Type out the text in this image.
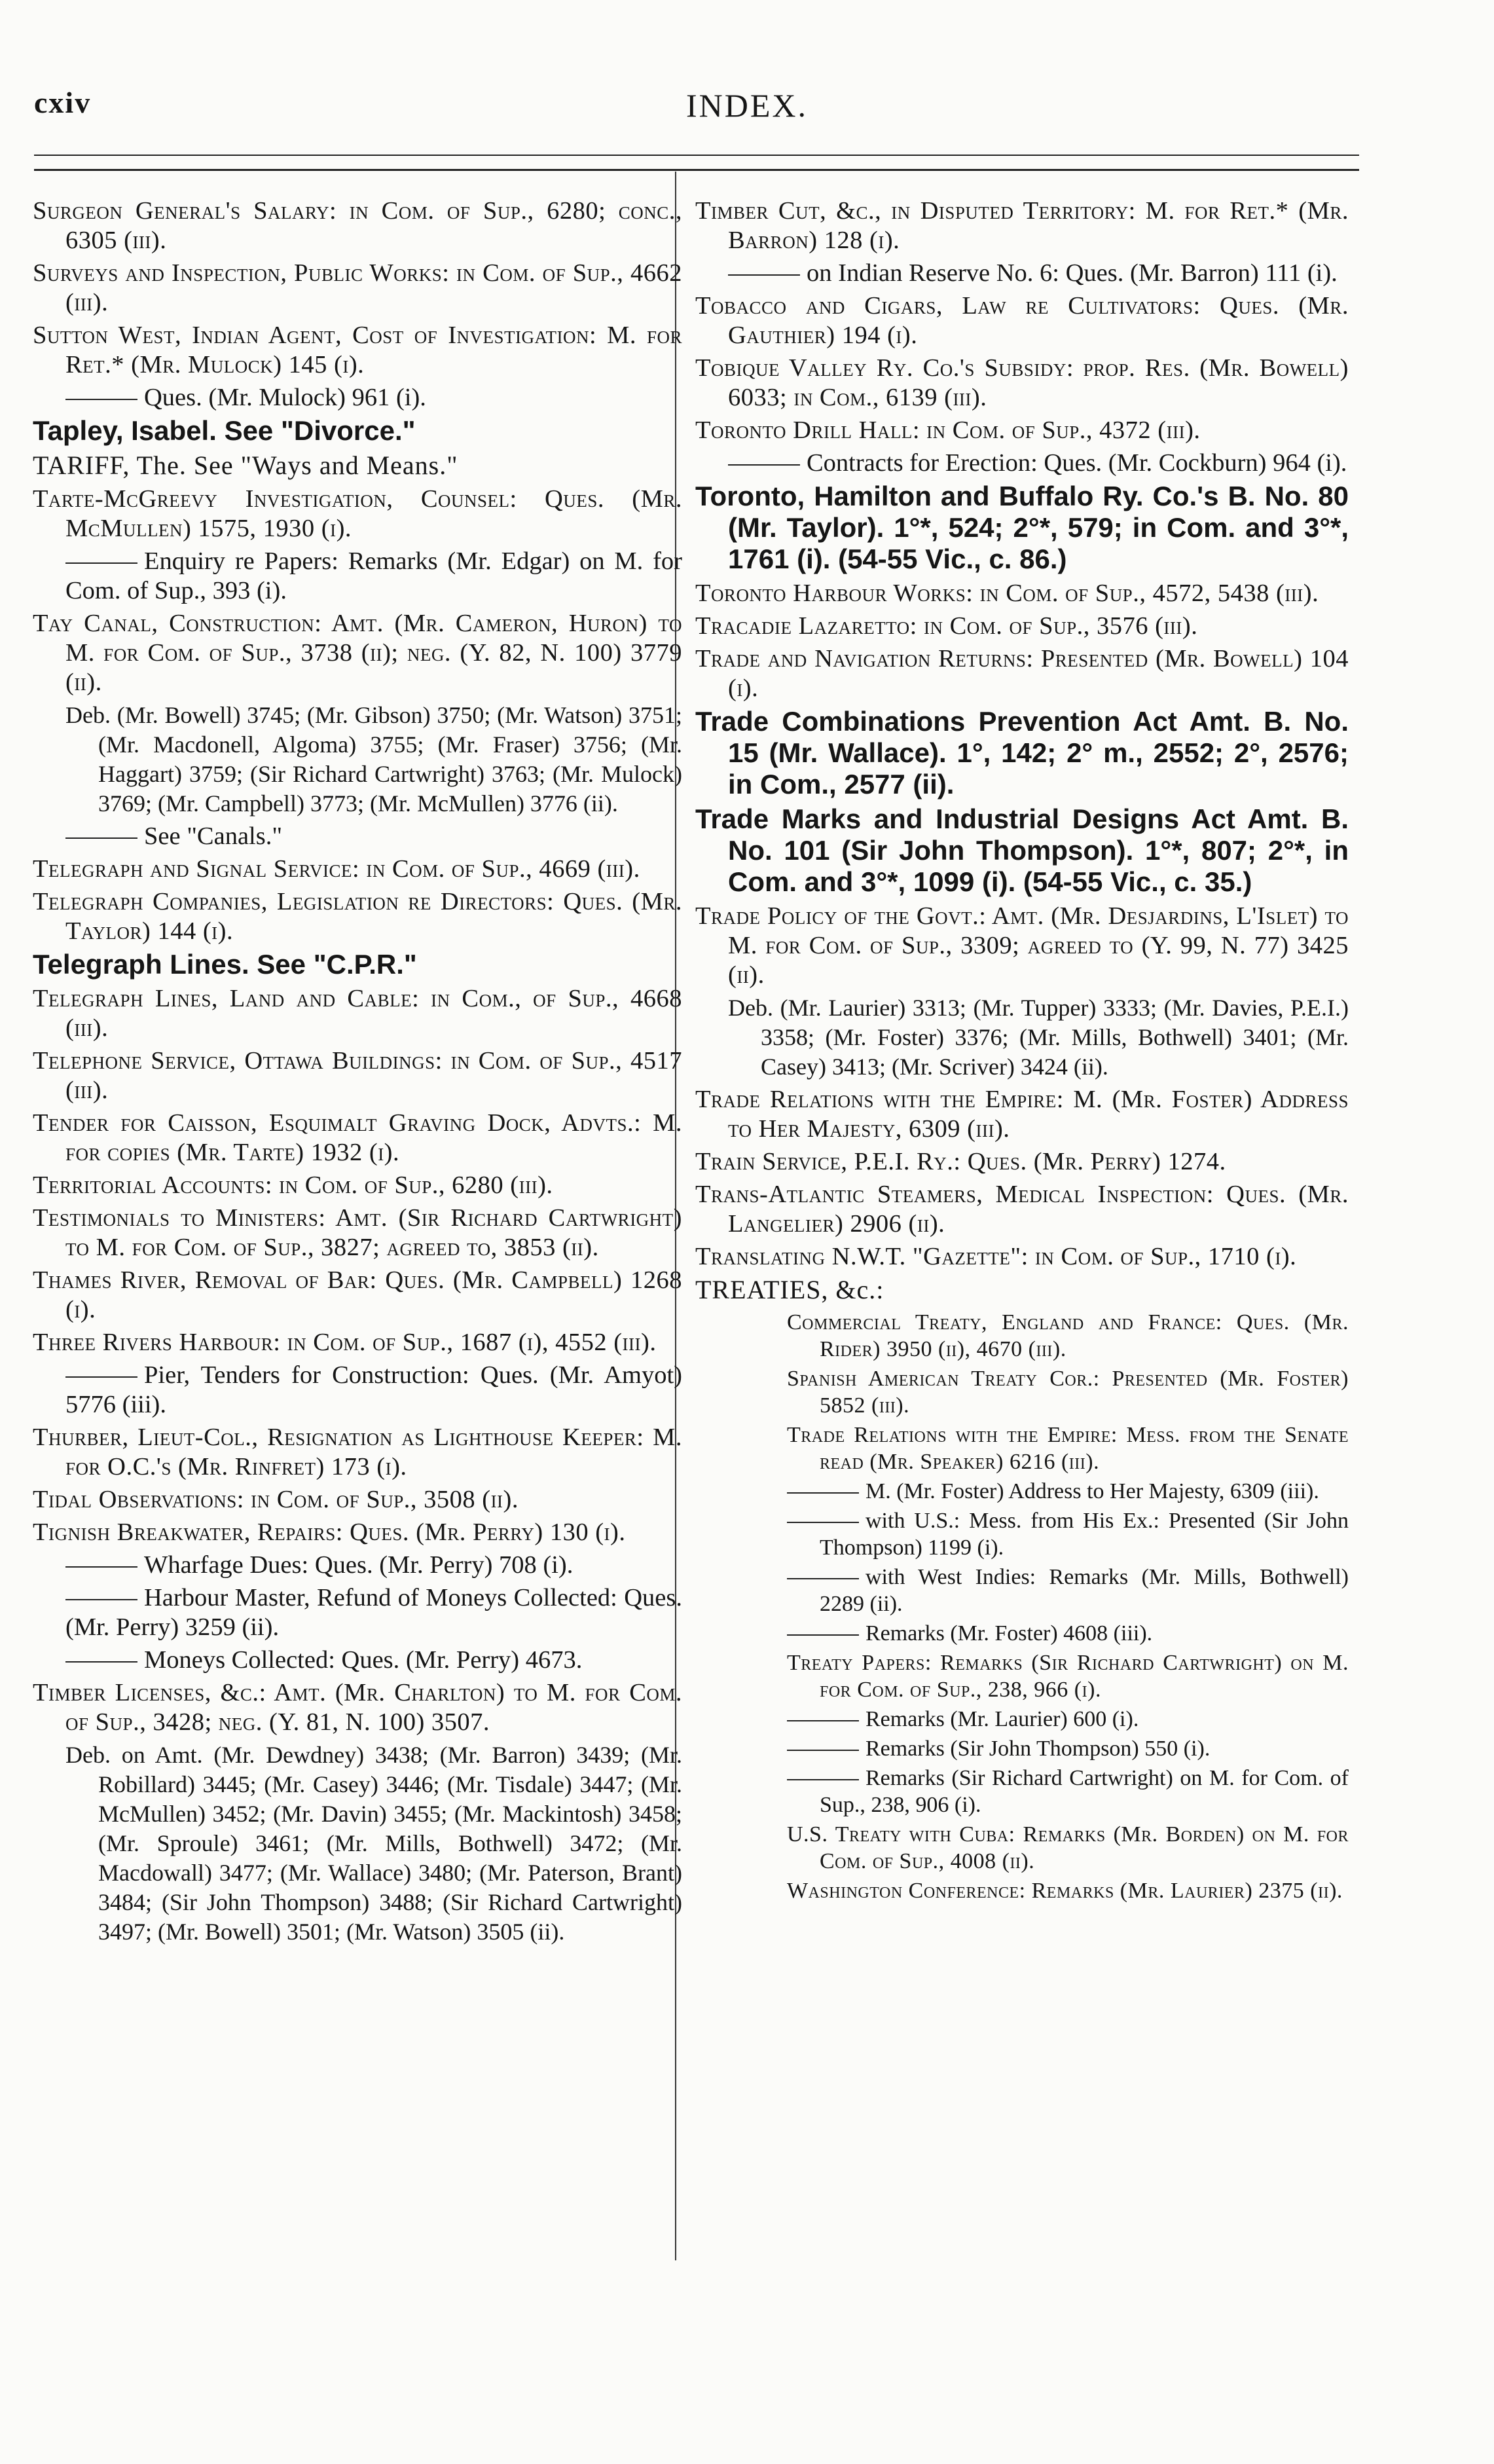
cxiv	INDEX.
Surgeon General's Salary: in Com. of Sup., 6280; conc., 6305 (iii).
Surveys and Inspection, Public Works: in Com. of Sup., 4662 (iii).
Sutton West, Indian Agent, Cost of Investigation: M. for Ret.* (Mr. Mulock) 145 (i).
Ques. (Mr. Mulock) 961 (i).
Tapley, Isabel. See "Divorce."
TARIFF, The. See "Ways and Means."
Tarte-McGreevy Investigation, Counsel: Ques. (Mr. McMullen) 1575, 1930 (i).
Enquiry re Papers: Remarks (Mr. Edgar) on M. for Com. of Sup., 393 (i).
Tay Canal, Construction: Amt. (Mr. Cameron, Huron) to M. for Com. of Sup., 3738 (ii); neg. (Y. 82, N. 100) 3779 (ii).
Deb. (Mr. Bowell) 3745; (Mr. Gibson) 3750; (Mr. Watson) 3751; (Mr. Macdonell, Algoma) 3755; (Mr. Fraser) 3756; (Mr. Haggart) 3759; (Sir Richard Cartwright) 3763; (Mr. Mulock) 3769; (Mr. Campbell) 3773; (Mr. McMullen) 3776 (ii).
See "Canals."
Telegraph and Signal Service: in Com. of Sup., 4669 (iii).
Telegraph Companies, Legislation re Directors: Ques. (Mr. Taylor) 144 (i).
Telegraph Lines. See "C.P.R."
Telegraph Lines, Land and Cable: in Com., of Sup., 4668 (iii).
Telephone Service, Ottawa Buildings: in Com. of Sup., 4517 (iii).
Tender for Caisson, Esquimalt Graving Dock, Advts.: M. for copies (Mr. Tarte) 1932 (i).
Territorial Accounts: in Com. of Sup., 6280 (iii).
Testimonials to Ministers: Amt. (Sir Richard Cartwright) to M. for Com. of Sup., 3827; agreed to, 3853 (ii).
Thames River, Removal of Bar: Ques. (Mr. Campbell) 1268 (i).
Three Rivers Harbour: in Com. of Sup., 1687 (i), 4552 (iii).
Pier, Tenders for Construction: Ques. (Mr. Amyot) 5776 (iii).
Thurber, Lieut-Col., Resignation as Lighthouse Keeper: M. for O.C.'s (Mr. Rinfret) 173 (i).
Tidal Observations: in Com. of Sup., 3508 (ii).
Tignish Breakwater, Repairs: Ques. (Mr. Perry) 130 (i).
Wharfage Dues: Ques. (Mr. Perry) 708 (i).
Harbour Master, Refund of Moneys Collected: Ques. (Mr. Perry) 3259 (ii).
Moneys Collected: Ques. (Mr. Perry) 4673.
Timber Licenses, &c.: Amt. (Mr. Charlton) to M. for Com. of Sup., 3428; neg. (Y. 81, N. 100) 3507.
Deb. on Amt. (Mr. Dewdney) 3438; (Mr. Barron) 3439; (Mr. Robillard) 3445; (Mr. Casey) 3446; (Mr. Tisdale) 3447; (Mr. McMullen) 3452; (Mr. Davin) 3455; (Mr. Mackintosh) 3458; (Mr. Sproule) 3461; (Mr. Mills, Bothwell) 3472; (Mr. Macdowall) 3477; (Mr. Wallace) 3480; (Mr. Paterson, Brant) 3484; (Sir John Thompson) 3488; (Sir Richard Cartwright) 3497; (Mr. Bowell) 3501; (Mr. Watson) 3505 (ii).
Timber Cut, &c., in Disputed Territory: M. for Ret.* (Mr. Barron) 128 (i).
on Indian Reserve No. 6: Ques. (Mr. Barron) 111 (i).
Tobacco and Cigars, Law re Cultivators: Ques. (Mr. Gauthier) 194 (i).
Tobique Valley Ry. Co.'s Subsidy: prop. Res. (Mr. Bowell) 6033; in Com., 6139 (iii).
Toronto Drill Hall: in Com. of Sup., 4372 (iii).
Contracts for Erection: Ques. (Mr. Cockburn) 964 (i).
Toronto, Hamilton and Buffalo Ry. Co.'s B. No. 80 (Mr. Taylor). 1°*, 524; 2°*, 579; in Com. and 3°*, 1761 (i). (54-55 Vic., c. 86.)
Toronto Harbour Works: in Com. of Sup., 4572, 5438 (iii).
Tracadie Lazaretto: in Com. of Sup., 3576 (iii).
Trade and Navigation Returns: Presented (Mr. Bowell) 104 (i).
Trade Combinations Prevention Act Amt. B. No. 15 (Mr. Wallace). 1°, 142; 2° m., 2552; 2°, 2576; in Com., 2577 (ii).
Trade Marks and Industrial Designs Act Amt. B. No. 101 (Sir John Thompson). 1°*, 807; 2°*, in Com. and 3°*, 1099 (i). (54-55 Vic., c. 35.)
Trade Policy of the Govt.: Amt. (Mr. Desjardins, L'Islet) to M. for Com. of Sup., 3309; agreed to (Y. 99, N. 77) 3425 (ii).
Deb. (Mr. Laurier) 3313; (Mr. Tupper) 3333; (Mr. Davies, P.E.I.) 3358; (Mr. Foster) 3376; (Mr. Mills, Bothwell) 3401; (Mr. Casey) 3413; (Mr. Scriver) 3424 (ii).
Trade Relations with the Empire: M. (Mr. Foster) Address to Her Majesty, 6309 (iii).
Train Service, P.E.I. Ry.: Ques. (Mr. Perry) 1274.
Trans-Atlantic Steamers, Medical Inspection: Ques. (Mr. Langelier) 2906 (ii).
Translating N.W.T. "Gazette": in Com. of Sup., 1710 (i).
TREATIES, &c.:
Commercial Treaty, England and France: Ques. (Mr. Rider) 3950 (ii), 4670 (iii).
Spanish American Treaty Cor.: Presented (Mr. Foster) 5852 (iii).
Trade Relations with the Empire: Mess. from the Senate read (Mr. Speaker) 6216 (iii).
M. (Mr. Foster) Address to Her Majesty, 6309 (iii).
with U.S.: Mess. from His Ex.: Presented (Sir John Thompson) 1199 (i).
with West Indies: Remarks (Mr. Mills, Bothwell) 2289 (ii).
Remarks (Mr. Foster) 4608 (iii).
Treaty Papers: Remarks (Sir Richard Cartwright) on M. for Com. of Sup., 238, 966 (i).
Remarks (Mr. Laurier) 600 (i).
Remarks (Sir John Thompson) 550 (i).
Remarks (Sir Richard Cartwright) on M. for Com. of Sup., 238, 906 (i).
U.S. Treaty with Cuba: Remarks (Mr. Borden) on M. for Com. of Sup., 4008 (ii).
Washington Conference: Remarks (Mr. Laurier) 2375 (ii).
